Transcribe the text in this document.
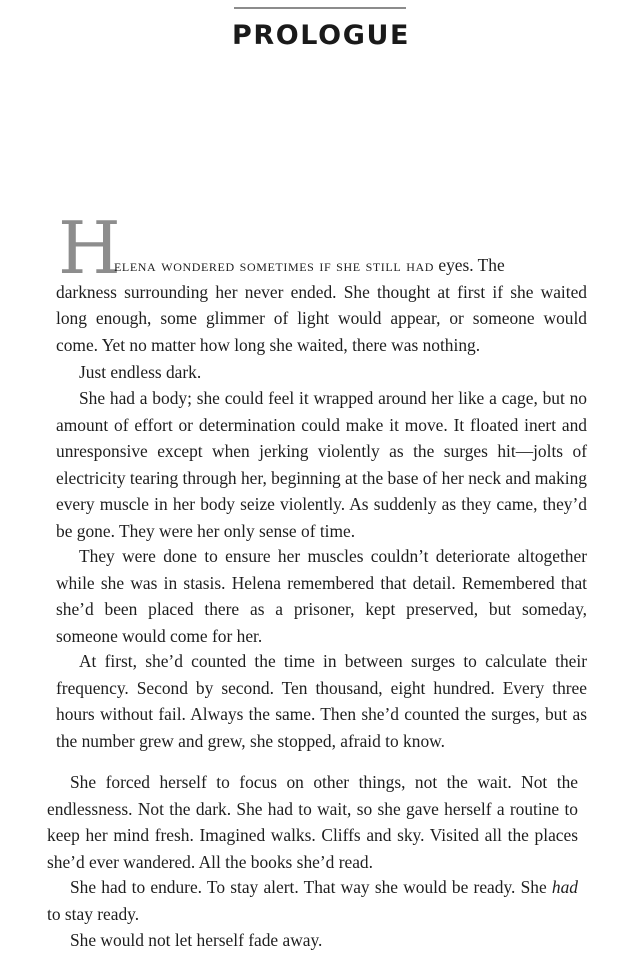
PROLOGUE
H

elena wondered sometimes if she still had eyes. The
darkness surrounding her never ended. She thought at first if she waited long enough, some glimmer of light would appear, or someone would come. Yet no matter how long she waited, there was nothing.

Just endless dark.

She had a body; she could feel it wrapped around her like a cage, but no amount of effort or determination could make it move. It floated inert and unresponsive except when jerking violently as the surges hit—jolts of electricity tearing through her, beginning at the base of her neck and making every muscle in her body seize violently. As suddenly as they came, they’d be gone. They were her only sense of time.

They were done to ensure her muscles couldn’t deteriorate altogether while she was in stasis. Helena remembered that detail. Remembered that she’d been placed there as a prisoner, kept preserved, but someday, someone would come for her.

At first, she’d counted the time in between surges to calculate their frequency. Second by second. Ten thousand, eight hundred. Every three hours without fail. Always the same. Then she’d counted the surges, but as the number grew and grew, she stopped, afraid to know.

She forced herself to focus on other things, not the wait. Not the endlessness. Not the dark. She had to wait, so she gave herself a routine to keep her mind fresh. Imagined walks. Cliffs and sky. Visited all the places she’d ever wandered. All the books she’d read.

She had to endure. To stay alert. That way she would be ready. She had to stay ready.

She would not let herself fade away.
